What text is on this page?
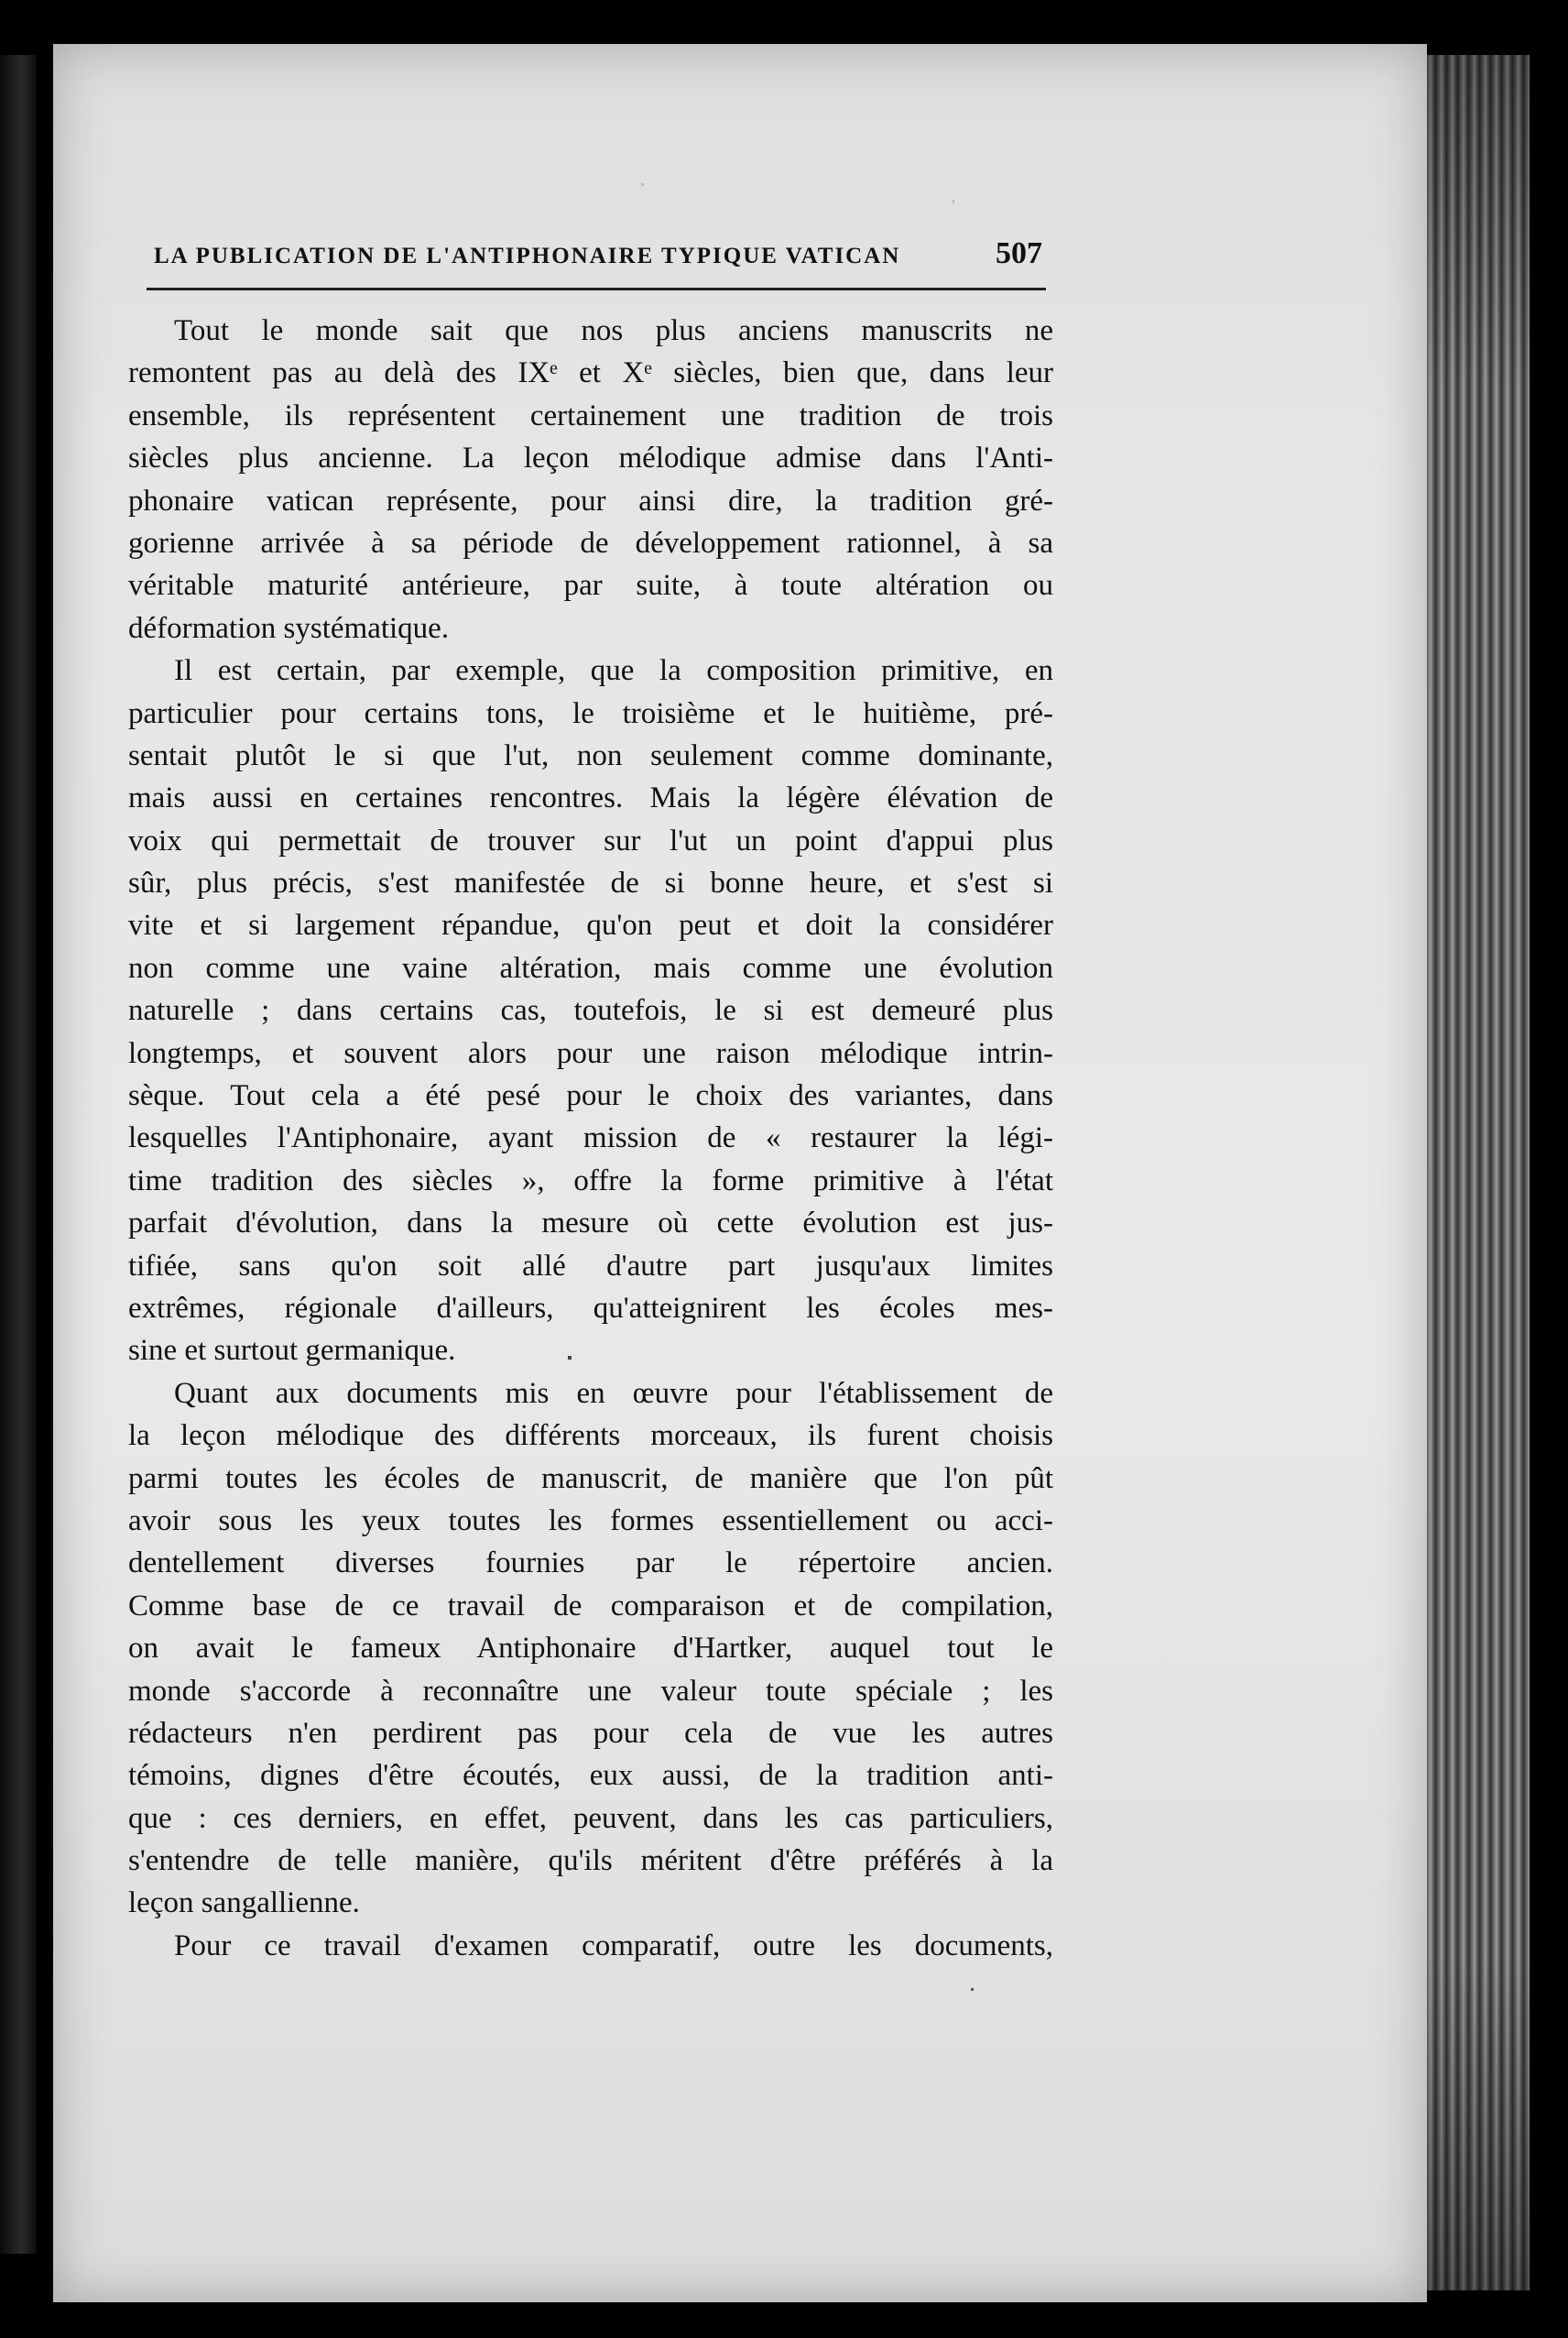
LA PUBLICATION DE L'ANTIPHONAIRE TYPIQUE VATICAN	507
Tout le monde sait que nos plus anciens manuscrits ne
remontent pas au delà des IXᵉ et Xᵉ siècles, bien que, dans leur
ensemble, ils représentent certainement une tradition de trois
siècles plus ancienne. La leçon mélodique admise dans l'Anti-
phonaire vatican représente, pour ainsi dire, la tradition gré-
gorienne arrivée à sa période de développement rationnel, à sa
véritable maturité antérieure, par suite, à toute altération ou
déformation systématique.
Il est certain, par exemple, que la composition primitive, en
particulier pour certains tons, le troisième et le huitième, pré-
sentait plutôt le si que l'ut, non seulement comme dominante,
mais aussi en certaines rencontres. Mais la légère élévation de
voix qui permettait de trouver sur l'ut un point d'appui plus
sûr, plus précis, s'est manifestée de si bonne heure, et s'est si
vite et si largement répandue, qu'on peut et doit la considérer
non comme une vaine altération, mais comme une évolution
naturelle ; dans certains cas, toutefois, le si est demeuré plus
longtemps, et souvent alors pour une raison mélodique intrin-
sèque. Tout cela a été pesé pour le choix des variantes, dans
lesquelles l'Antiphonaire, ayant mission de « restaurer la légi-
time tradition des siècles », offre la forme primitive à l'état
parfait d'évolution, dans la mesure où cette évolution est jus-
tifiée, sans qu'on soit allé d'autre part jusqu'aux limites
extrêmes, régionale d'ailleurs, qu'atteignirent les écoles mes-
sine et surtout germanique.
Quant aux documents mis en œuvre pour l'établissement de
la leçon mélodique des différents morceaux, ils furent choisis
parmi toutes les écoles de manuscrit, de manière que l'on pût
avoir sous les yeux toutes les formes essentiellement ou acci-
dentellement diverses fournies par le répertoire ancien.
Comme base de ce travail de comparaison et de compilation,
on avait le fameux Antiphonaire d'Hartker, auquel tout le
monde s'accorde à reconnaître une valeur toute spéciale ; les
rédacteurs n'en perdirent pas pour cela de vue les autres
témoins, dignes d'être écoutés, eux aussi, de la tradition anti-
que : ces derniers, en effet, peuvent, dans les cas particuliers,
s'entendre de telle manière, qu'ils méritent d'être préférés à la
leçon sangallienne.
Pour ce travail d'examen comparatif, outre les documents,
